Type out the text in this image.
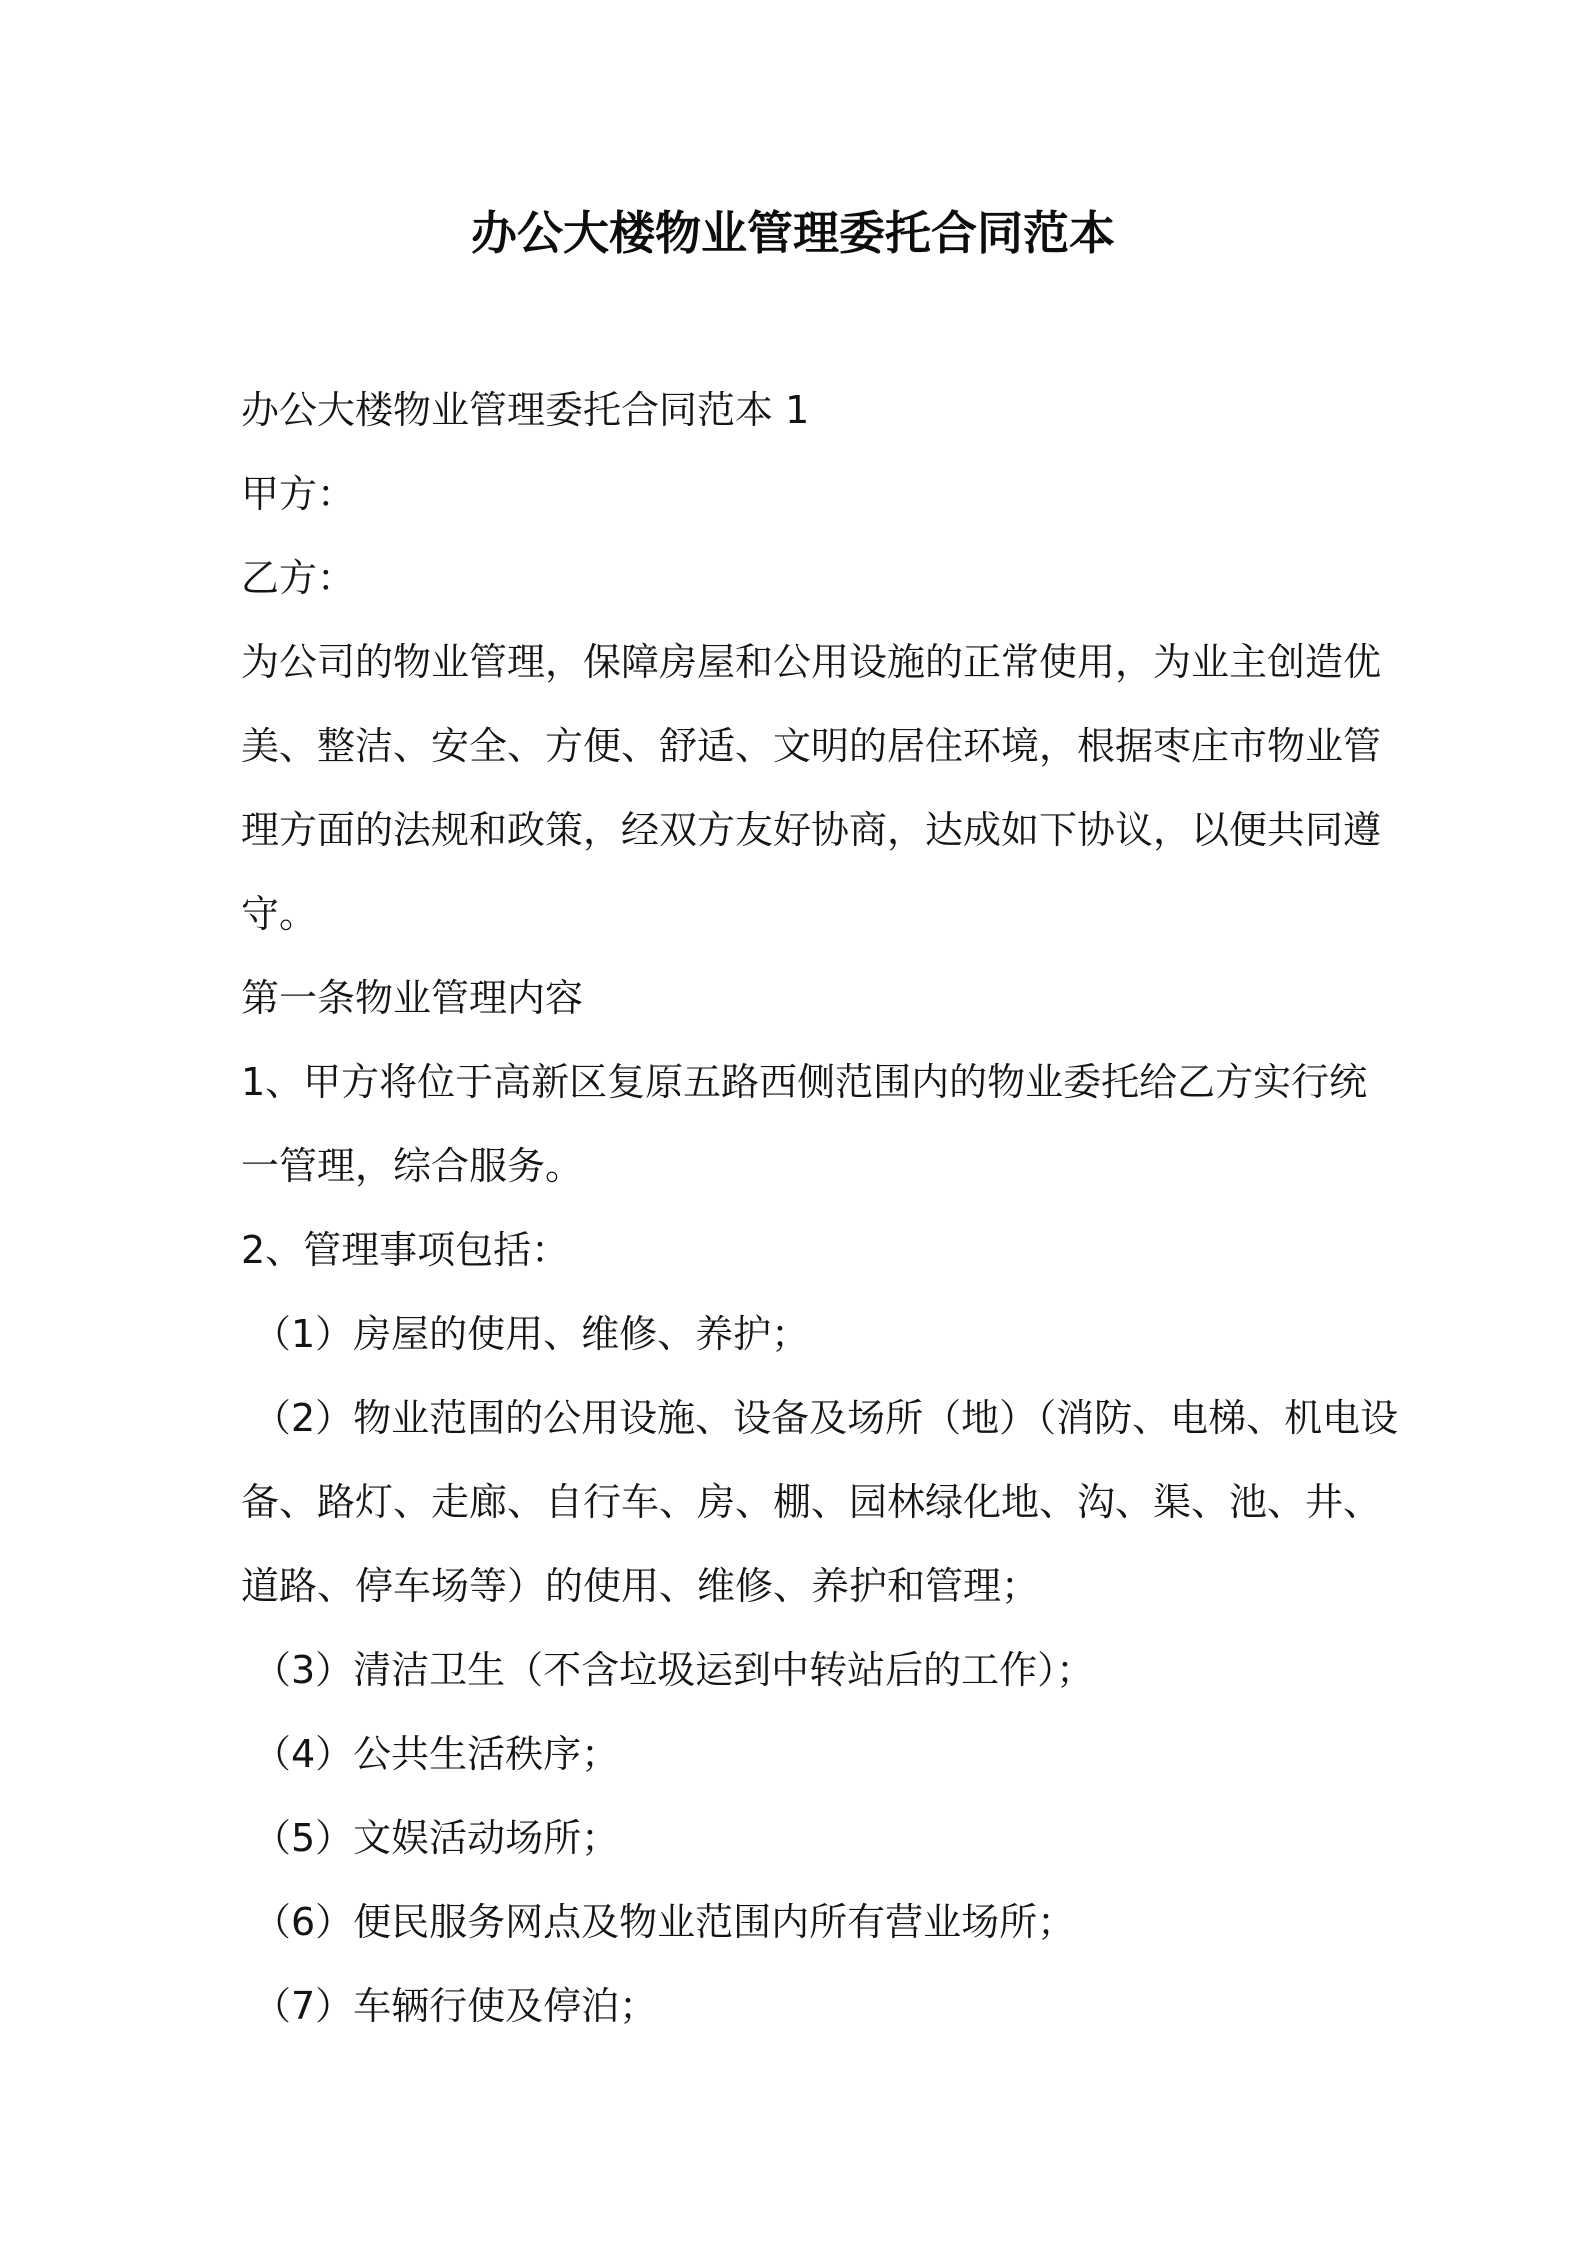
办公大楼物业管理委托合同范本
办公大楼物业管理委托合同范本 1
甲方：
乙方：
为公司的物业管理，保障房屋和公用设施的正常使用，为业主创造优
美、整洁、安全、方便、舒适、文明的居住环境，根据枣庄市物业管
理方面的法规和政策，经双方友好协商，达成如下协议，以便共同遵
守。
第一条物业管理内容
1、甲方将位于高新区复原五路西侧范围内的物业委托给乙方实行统
一管理，综合服务。
2、管理事项包括：
（1）房屋的使用、维修、养护；
（2）物业范围的公用设施、设备及场所（地）（消防、电梯、机电设
备、路灯、走廊、自行车、房、棚、园林绿化地、沟、渠、池、井、
道路、停车场等）的使用、维修、养护和管理；
（3）清洁卫生（不含垃圾运到中转站后的工作）；
（4）公共生活秩序；
（5）文娱活动场所；
（6）便民服务网点及物业范围内所有营业场所；
（7）车辆行使及停泊；
